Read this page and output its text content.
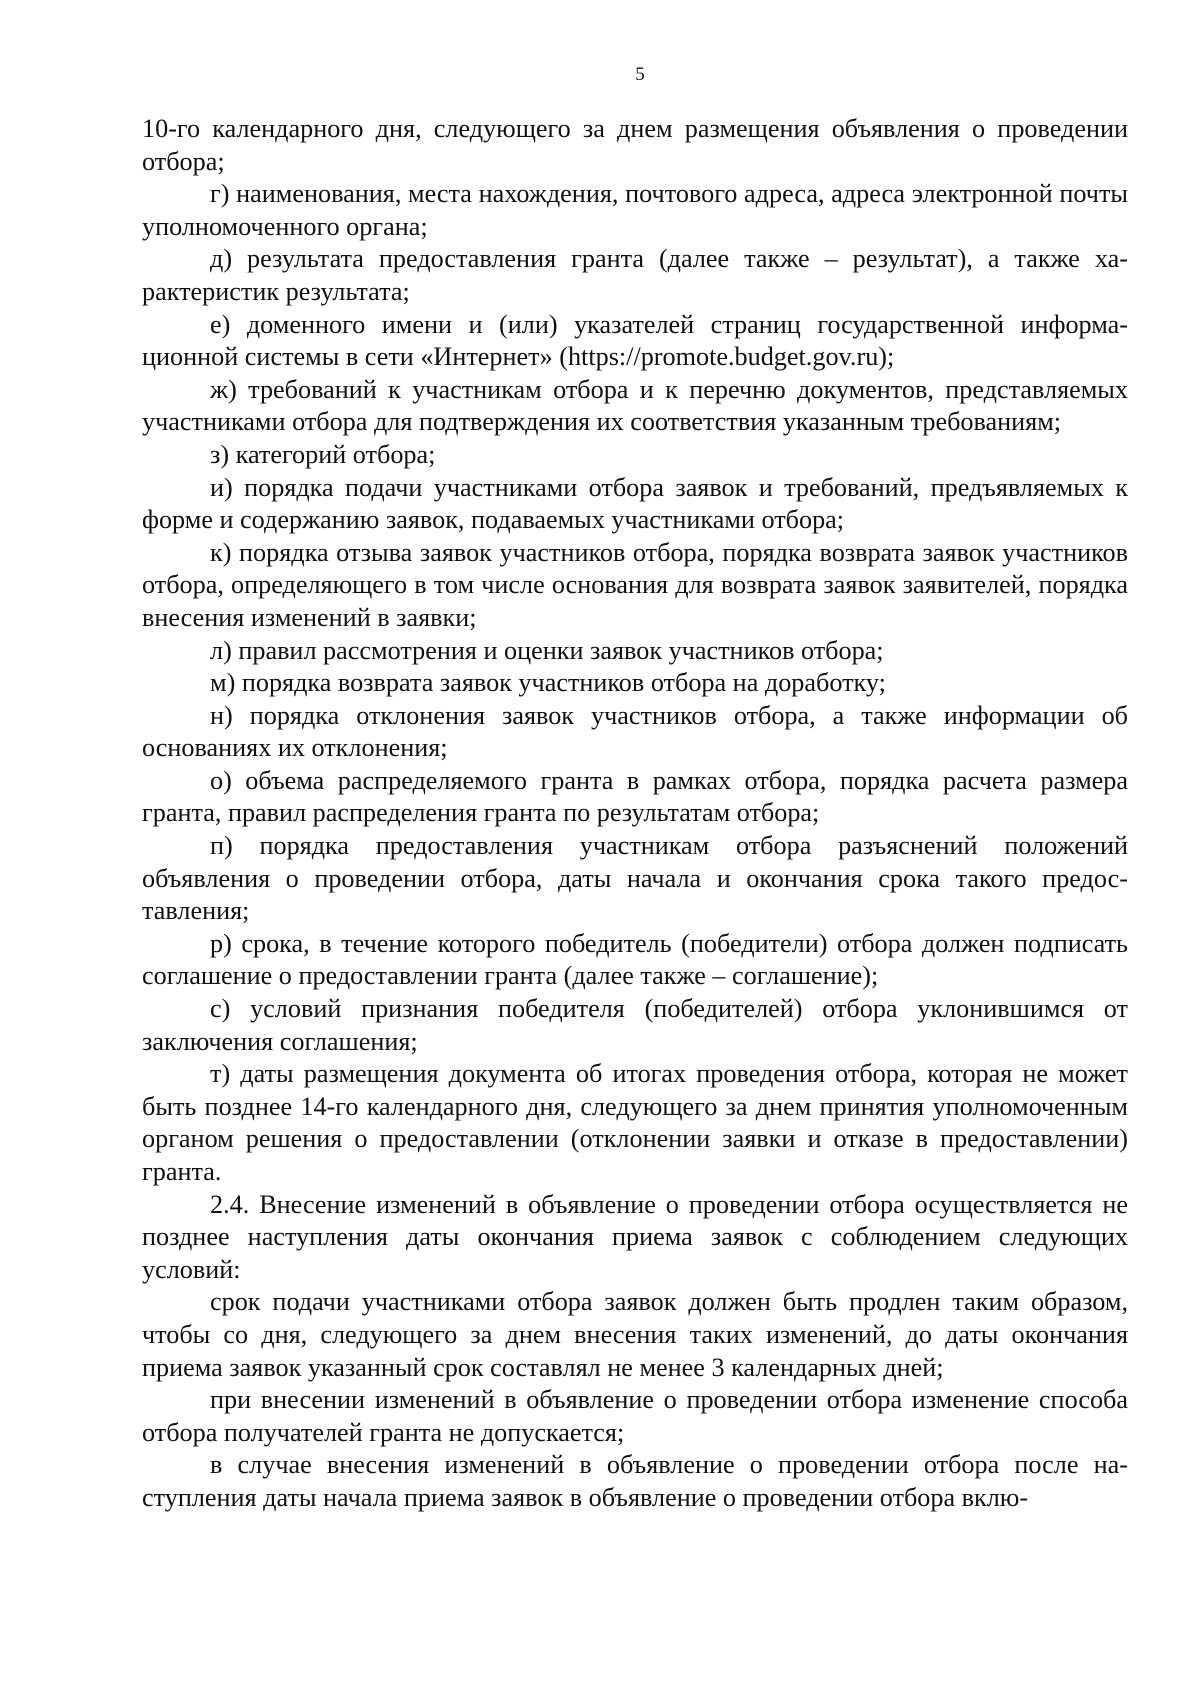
5

10-го календарного дня, следующего за днем размещения объявления о проведении отбора;

г) наименования, места нахождения, почтового адреса, адреса электронной почты уполномоченного органа;

д) результата предоставления гранта (далее также – результат), а также характеристик результата;

е) доменного имени и (или) указателей страниц государственной информационной системы в сети «Интернет» (https://promote.budget.gov.ru);

ж) требований к участникам отбора и к перечню документов, представляемых участниками отбора для подтверждения их соответствия указанным требованиям;

з) категорий отбора;

и) порядка подачи участниками отбора заявок и требований, предъявляемых к форме и содержанию заявок, подаваемых участниками отбора;

к) порядка отзыва заявок участников отбора, порядка возврата заявок участников отбора, определяющего в том числе основания для возврата заявок заявителей, порядка внесения изменений в заявки;

л) правил рассмотрения и оценки заявок участников отбора;

м) порядка возврата заявок участников отбора на доработку;

н) порядка отклонения заявок участников отбора, а также информации об основаниях их отклонения;

о) объема распределяемого гранта в рамках отбора, порядка расчета размера гранта, правил распределения гранта по результатам отбора;

п) порядка предоставления участникам отбора разъяснений положений объявления о проведении отбора, даты начала и окончания срока такого предоставления;

р) срока, в течение которого победитель (победители) отбора должен подписать соглашение о предоставлении гранта (далее также – соглашение);

с) условий признания победителя (победителей) отбора уклонившимся от заключения соглашения;

т) даты размещения документа об итогах проведения отбора, которая не может быть позднее 14-го календарного дня, следующего за днем принятия уполномоченным органом решения о предоставлении (отклонении заявки и отказе в предоставлении) гранта.

2.4. Внесение изменений в объявление о проведении отбора осуществляется не позднее наступления даты окончания приема заявок с соблюдением следующих условий:

срок подачи участниками отбора заявок должен быть продлен таким образом, чтобы со дня, следующего за днем внесения таких изменений, до даты окончания приема заявок указанный срок составлял не менее 3 календарных дней;

при внесении изменений в объявление о проведении отбора изменение способа отбора получателей гранта не допускается;

в случае внесения изменений в объявление о проведении отбора после наступления даты начала приема заявок в объявление о проведении отбора вклю-
